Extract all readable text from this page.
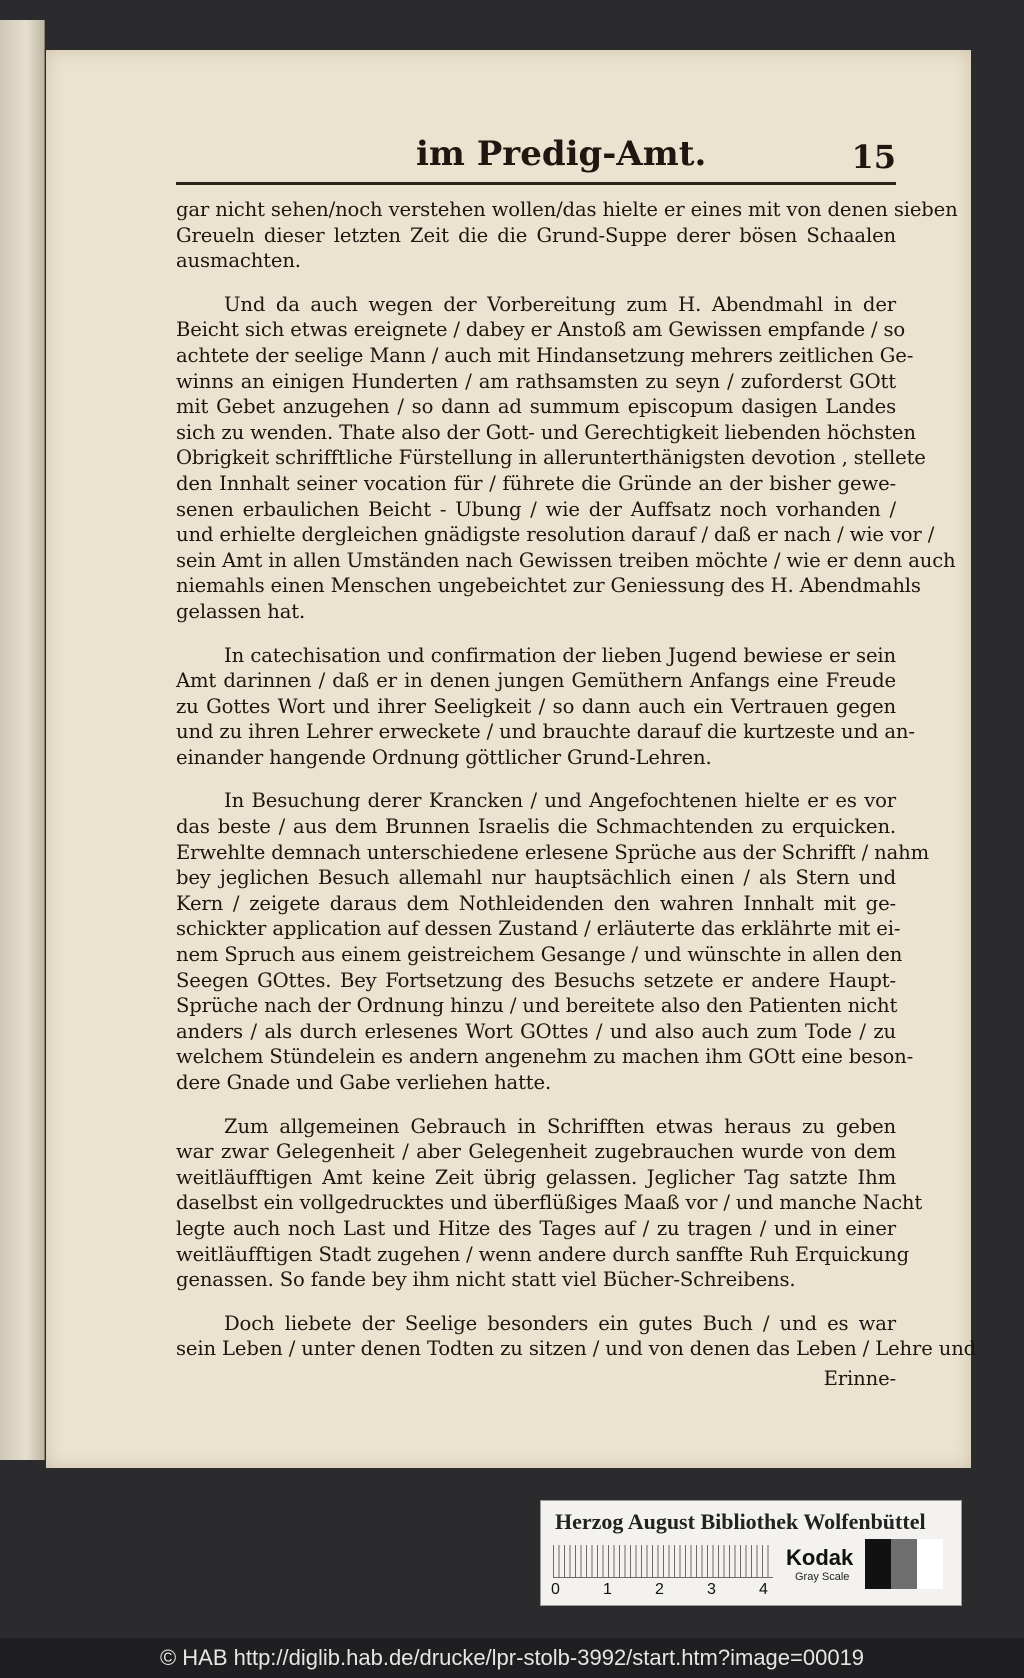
im Predig-Amt.	15
gar nicht sehen/noch verstehen wollen/das hielte er eines mit von denen sieben
Greueln dieser letzten Zeit die die Grund-Suppe derer bösen Schaalen
ausmachten.
Und da auch wegen der Vorbereitung zum H. Abendmahl in der
Beicht sich etwas ereignete / dabey er Anstoß am Gewissen empfande / so
achtete der seelige Mann / auch mit Hindansetzung mehrers zeitlichen Ge-
winns an einigen Hunderten / am rathsamsten zu seyn / zuforderst GOtt
mit Gebet anzugehen / so dann ad summum episcopum dasigen Landes
sich zu wenden. Thate also der Gott- und Gerechtigkeit liebenden höchsten
Obrigkeit schrifftliche Fürstellung in allerunterthänigsten devotion , stellete
den Innhalt seiner vocation für / führete die Gründe an der bisher gewe-
senen erbaulichen Beicht - Ubung / wie der Auffsatz noch vorhanden /
und erhielte dergleichen gnädigste resolution darauf / daß er nach / wie vor /
sein Amt in allen Umständen nach Gewissen treiben möchte / wie er denn auch
niemahls einen Menschen ungebeichtet zur Geniessung des H. Abendmahls
gelassen hat.
In catechisation und confirmation der lieben Jugend bewiese er sein
Amt darinnen / daß er in denen jungen Gemüthern Anfangs eine Freude
zu Gottes Wort und ihrer Seeligkeit / so dann auch ein Vertrauen gegen
und zu ihren Lehrer erweckete / und brauchte darauf die kurtzeste und an-
einander hangende Ordnung göttlicher Grund-Lehren.
In Besuchung derer Krancken / und Angefochtenen hielte er es vor
das beste / aus dem Brunnen Israelis die Schmachtenden zu erquicken.
Erwehlte demnach unterschiedene erlesene Sprüche aus der Schrifft / nahm
bey jeglichen Besuch allemahl nur hauptsächlich einen / als Stern und
Kern / zeigete daraus dem Nothleidenden den wahren Innhalt mit ge-
schickter application auf dessen Zustand / erläuterte das erklährte mit ei-
nem Spruch aus einem geistreichem Gesange / und wünschte in allen den
Seegen GOttes. Bey Fortsetzung des Besuchs setzete er andere Haupt-
Sprüche nach der Ordnung hinzu / und bereitete also den Patienten nicht
anders / als durch erlesenes Wort GOttes / und also auch zum Tode / zu
welchem Stündelein es andern angenehm zu machen ihm GOtt eine beson-
dere Gnade und Gabe verliehen hatte.
Zum allgemeinen Gebrauch in Schrifften etwas heraus zu geben
war zwar Gelegenheit / aber Gelegenheit zugebrauchen wurde von dem
weitläufftigen Amt keine Zeit übrig gelassen. Jeglicher Tag satzte Ihm
daselbst ein vollgedrucktes und überflüßiges Maaß vor / und manche Nacht
legte auch noch Last und Hitze des Tages auf / zu tragen / und in einer
weitläufftigen Stadt zugehen / wenn andere durch sanffte Ruh Erquickung
genassen. So fande bey ihm nicht statt viel Bücher-Schreibens.
Doch liebete der Seelige besonders ein gutes Buch / und es war
sein Leben / unter denen Todten zu sitzen / und von denen das Leben / Lehre und
Erinne-
Herzog August Bibliothek Wolfenbüttel
0	1	2	3	4
Kodak
Gray Scale
© HAB http://diglib.hab.de/drucke/lpr-stolb-3992/start.htm?image=00019
